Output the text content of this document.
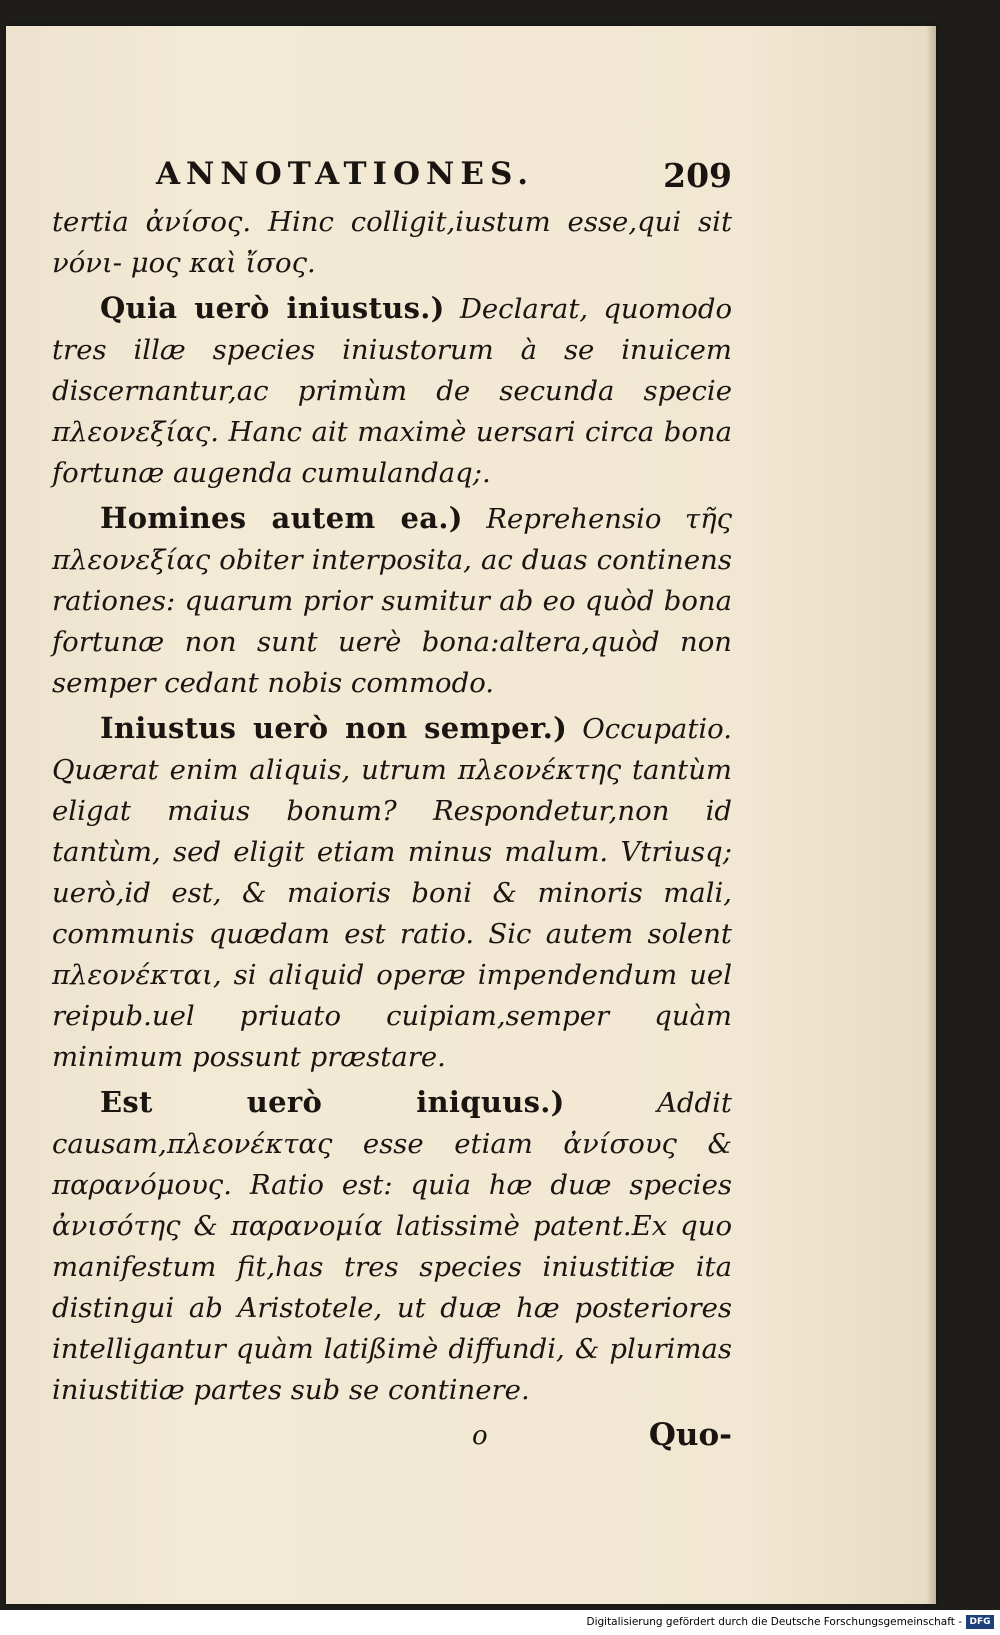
ANNOTATIONES.	209

tertia ἀνίσος. Hinc colligit,iustum esse,qui sit νόνι- μος καὶ ἴσος.

Quia uerò iniustus.) Declarat, quomodo tres illæ species iniustorum à se inuicem discernantur,ac primùm de secunda specie πλεονεξίας. Hanc ait maximè uersari circa bona fortunæ augenda cumulandaq;.

Homines autem ea.) Reprehensio τῆς πλεονεξίας obiter interposita, ac duas continens rationes: quarum prior sumitur ab eo quòd bona fortunæ non sunt uerè bona:altera,quòd non semper cedant nobis commodo.

Iniustus uerò non semper.) Occupatio. Quærat enim aliquis, utrum πλεονέκτης tantùm eligat maius bonum? Respondetur,non id tantùm, sed eligit etiam minus malum. Vtriusq; uerò,id est, & maioris boni & minoris mali, communis quædam est ratio. Sic autem solent πλεονέκται, si aliquid operæ impendendum uel reipub.uel priuato cuipiam,semper quàm minimum possunt præstare.

Est uerò iniquus.)	Addit causam,πλεονέκτας esse etiam ἀνίσους & παρανόμους. Ratio est: quia hæ duæ species ἀνισότης & παρανομία latissimè patent.Ex quo manifestum fit,has tres species iniustitiæ ita distingui ab Aristotele, ut duæ hæ posteriores intelligantur quàm latißimè diffundi, & plurimas iniustitiæ partes sub se continere.

o	Quo-
Digitalisierung gefördert durch die Deutsche Forschungsgemeinschaft - DFG
